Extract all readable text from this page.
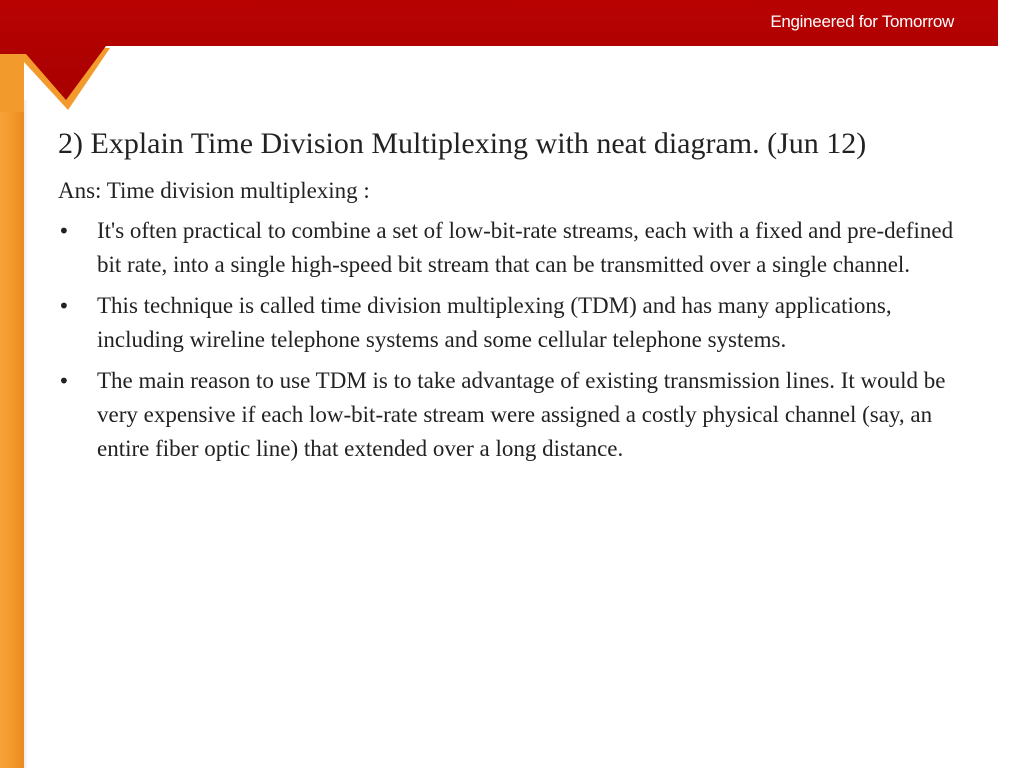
Engineered for Tomorrow
2) Explain Time Division Multiplexing with neat diagram. (Jun 12)

Ans: Time division multiplexing :

•	It's often practical to combine a set of low-bit-rate streams, each with a fixed and pre-defined bit rate, into a single high-speed bit stream that can be transmitted over a single channel.
•	This technique is called time division multiplexing (TDM) and has many applications, including wireline telephone systems and some cellular telephone systems.
•	The main reason to use TDM is to take advantage of existing transmission lines. It would be very expensive if each low-bit-rate stream were assigned a costly physical channel (say, an entire fiber optic line) that extended over a long distance.
